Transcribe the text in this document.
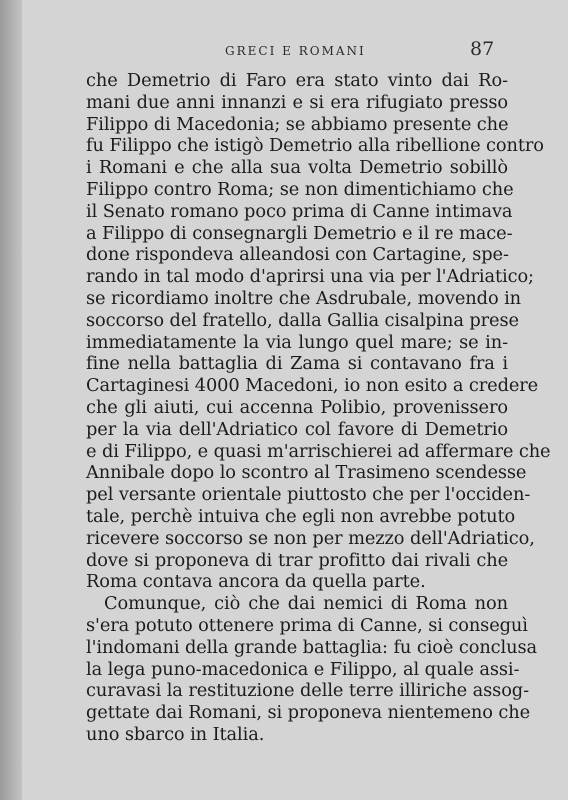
GRECI E ROMANI	87
che Demetrio di Faro era stato vinto dai Ro-
mani due anni innanzi e si era rifugiato presso
Filippo di Macedonia; se abbiamo presente che
fu Filippo che istigò Demetrio alla ribellione contro
i Romani e che alla sua volta Demetrio sobillò
Filippo contro Roma; se non dimentichiamo che
il Senato romano poco prima di Canne intimava
a Filippo di consegnargli Demetrio e il re mace-
done rispondeva alleandosi con Cartagine, spe-
rando in tal modo d'aprirsi una via per l'Adriatico;
se ricordiamo inoltre che Asdrubale, movendo in
soccorso del fratello, dalla Gallia cisalpina prese
immediatamente la via lungo quel mare; se in-
fine nella battaglia di Zama si contavano fra i
Cartaginesi 4000 Macedoni, io non esito a credere
che gli aiuti, cui accenna Polibio, provenissero
per la via dell'Adriatico col favore di Demetrio
e di Filippo, e quasi m'arrischierei ad affermare che
Annibale dopo lo scontro al Trasimeno scendesse
pel versante orientale piuttosto che per l'occiden-
tale, perchè intuiva che egli non avrebbe potuto
ricevere soccorso se non per mezzo dell'Adriatico,
dove si proponeva di trar profitto dai rivali che
Roma contava ancora da quella parte.
Comunque, ciò che dai nemici di Roma non
s'era potuto ottenere prima di Canne, si conseguì
l'indomani della grande battaglia: fu cioè conclusa
la lega puno-macedonica e Filippo, al quale assi-
curavasi la restituzione delle terre illiriche assog-
gettate dai Romani, si proponeva nientemeno che
uno sbarco in Italia.
